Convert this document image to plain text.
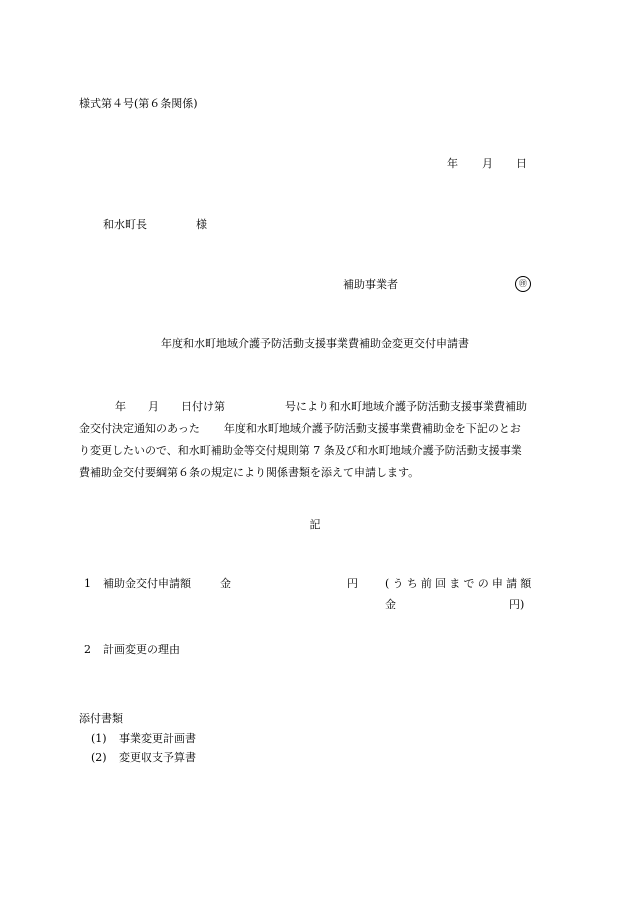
様式第４号(第６条関係)
年 月 日
和水町長	様
補助事業者	㊞
年度和水町地域介護予防活動支援事業費補助金変更交付申請書
年 月 日付け第	号により和水町地域介護予防活動支援事業費補助
金交付決定通知のあった 年度和水町地域介護予防活動支援事業費補助金を下記のとお
り変更したいので、和水町補助金等交付規則第 7 条及び和水町地域介護予防活動支援事業
費補助金交付要綱第６条の規定により関係書類を添えて申請します。
記
1 補助金交付申請額	金	円 (うち前回までの申請額
金	円)
2 計画変更の理由
添付書類
(1) 事業変更計画書
(2) 変更収支予算書
